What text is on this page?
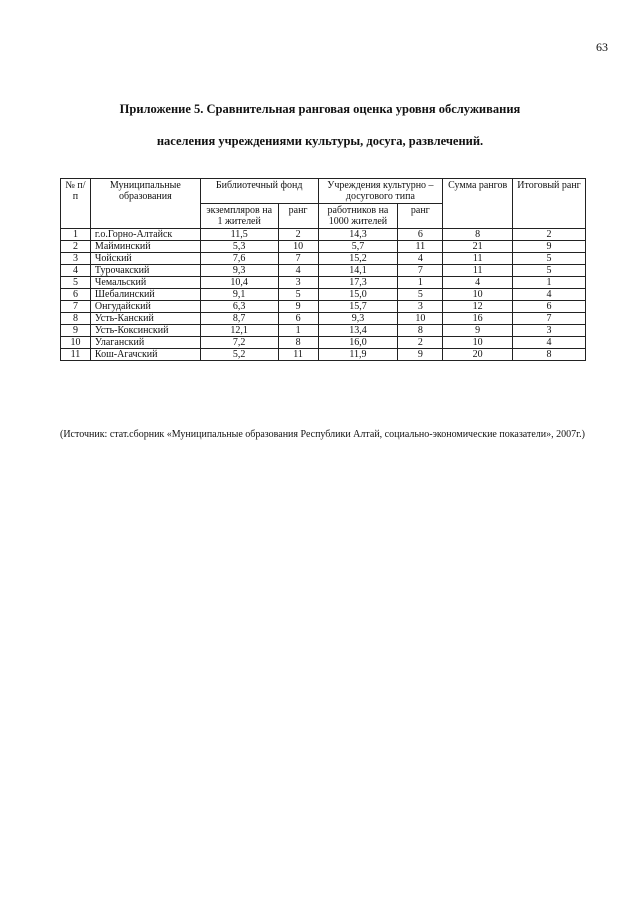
63
Приложение 5. Сравнительная ранговая оценка уровня обслуживания
населения учреждениями культуры, досуга, развлечений.
№ п/п	Муниципальные образования	Библиотечный фонд		Учреждения культурно – досугового типа		Сумма рангов	Итоговый ранг
		экземпляров на 1 жителей	ранг	работников на 1000 жителей	ранг		
1	г.о.Горно-Алтайск	11,5	2	14,3	6	8	2
2	Майминский	5,3	10	5,7	11	21	9
3	Чойский	7,6	7	15,2	4	11	5
4	Турочакский	9,3	4	14,1	7	11	5
5	Чемальский	10,4	3	17,3	1	4	1
6	Шебалинский	9,1	5	15,0	5	10	4
7	Онгудайский	6,3	9	15,7	3	12	6
8	Усть-Канский	8,7	6	9,3	10	16	7
9	Усть-Коксинский	12,1	1	13,4	8	9	3
10	Улаганский	7,2	8	16,0	2	10	4
11	Кош-Агачский	5,2	11	11,9	9	20	8
(Источник: стат.сборник «Муниципальные образования Республики Алтай, социально-экономические показатели», 2007г.)
